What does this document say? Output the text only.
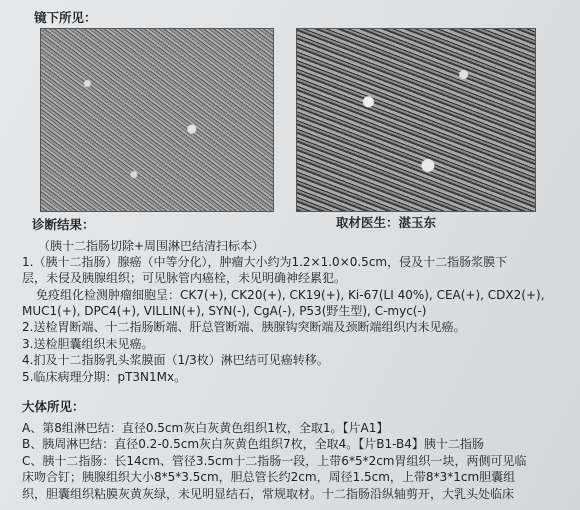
镜下所见：
诊断结果：	取材医生：湛玉东
（胰十二指肠切除+周围淋巴结清扫标本）
1.（胰十二指肠）腺癌（中等分化），肿瘤大小约为1.2×1.0×0.5cm，侵及十二指肠浆膜下
层，未侵及胰腺组织；可见脉管内癌栓，未见明确神经累犯。
免疫组化检测肿瘤细胞呈：CK7(+), CK20(+), CK19(+), Ki-67(LI 40%), CEA(+), CDX2(+),
MUC1(+), DPC4(+), VILLIN(+), SYN(-), CgA(-), P53(野生型), C-myc(-)
2.送检胃断端、十二指肠断端、肝总管断端、胰腺钩突断端及颈断端组织内未见癌。
3.送检胆囊组织未见癌。
4.扪及十二指肠乳头浆膜面（1/3枚）淋巴结可见癌转移。
5.临床病理分期：pT3N1Mx。
大体所见：
A、第8组淋巴结：直径0.5cm灰白灰黄色组织1枚，全取1。【片A1】
B、胰周淋巴结：直径0.2-0.5cm灰白灰黄色组织7枚，全取4。【片B1-B4】胰十二指肠
C、胰十二指肠：长14cm、管径3.5cm十二指肠一段，上带6*5*2cm胃组织一块，两侧可见临
床吻合钉；胰腺组织大小8*5*3.5cm，胆总管长约2cm，周径1.5cm，上带8*3*1cm胆囊组
织，胆囊组织粘膜灰黄灰绿，未见明显结石，常规取材。十二指肠沿纵轴剪开，大乳头处临床
